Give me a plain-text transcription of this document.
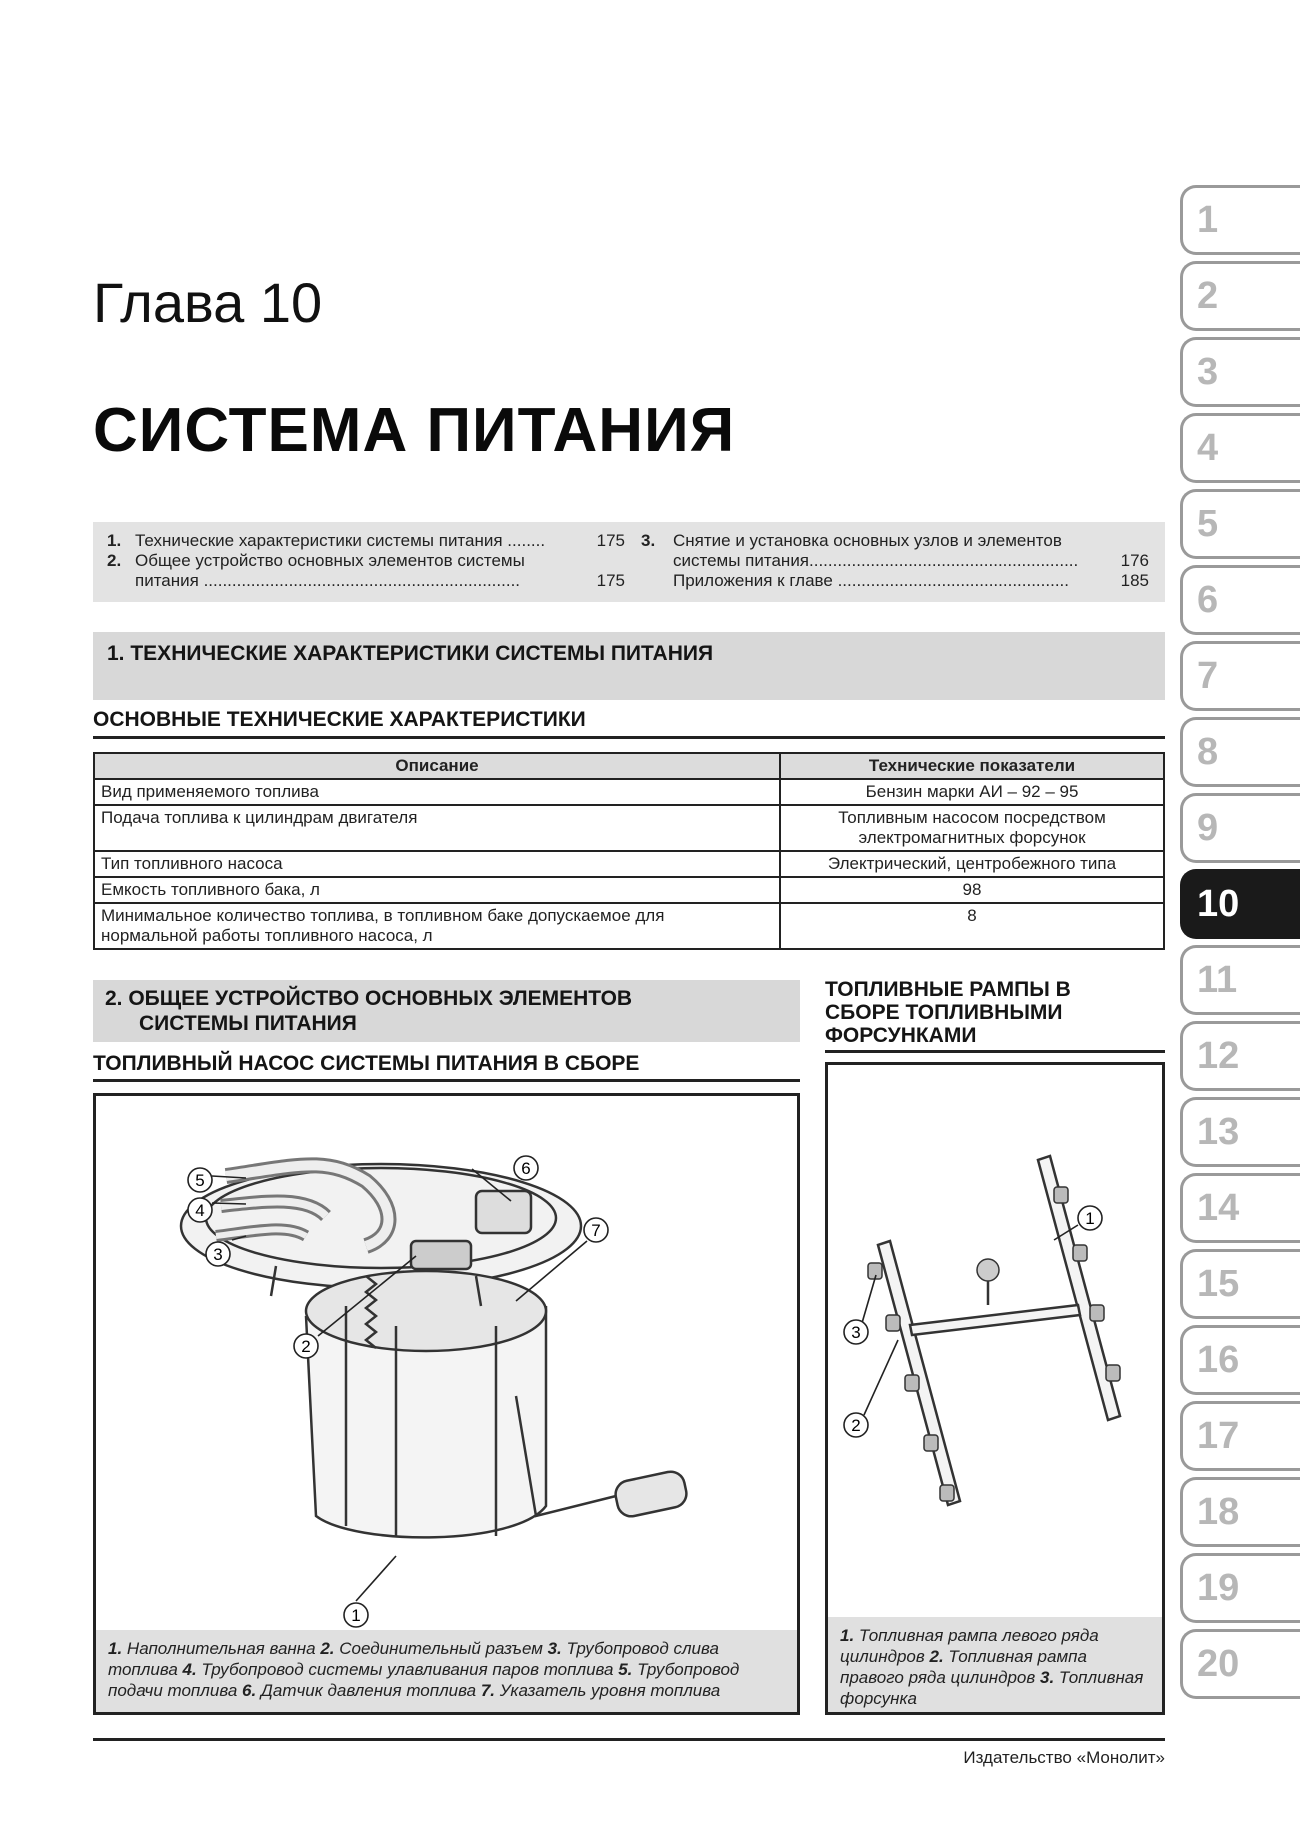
1
2
3
4
5
6
7
8
9
10
11
12
13
14
15
16
17
18
19
20
Глава 10
СИСТЕМА ПИТАНИЯ
1. Технические характеристики системы питания ........	175
2. Общее устройство основных элементов системы
питания ...................................................................	175
3. Снятие и установка основных узлов и элементов
системы питания.........................................................	176
Приложения к главе .................................................	185
1. ТЕХНИЧЕСКИЕ ХАРАКТЕРИСТИКИ СИСТЕМЫ ПИТАНИЯ
ОСНОВНЫЕ ТЕХНИЧЕСКИЕ ХАРАКТЕРИСТИКИ
Описание	Технические показатели
Вид применяемого топлива	Бензин марки АИ – 92 – 95
Подача топлива к цилиндрам двигателя	Топливным насосом посредством электромагнитных форсунок
Тип топливного насоса	Электрический, центробежного типа
Емкость топливного бака, л	98
Минимальное количество топлива, в топливном баке допускаемое для нормальной работы топливного насоса, л	8
2. ОБЩЕЕ УСТРОЙСТВО ОСНОВНЫХ ЭЛЕМЕНТОВ
СИСТЕМЫ ПИТАНИЯ
ТОПЛИВНЫЙ НАСОС СИСТЕМЫ ПИТАНИЯ В СБОРЕ
ТОПЛИВНЫЕ РАМПЫ В
СБОРЕ ТОПЛИВНЫМИ
ФОРСУНКАМИ
1
2
3
4
5
6
7
1. Наполнительная ванна 2. Соединительный разъем 3. Трубопровод слива топлива 4. Трубопровод системы улавливания паров топлива 5. Трубопровод подачи топлива 6. Датчик давления топлива 7. Указатель уровня топлива
1
2
3
1. Топливная рампа левого ряда цилиндров 2. Топливная рампа правого ряда цилиндров 3. Топливная форсунка
Издательство «Монолит»
